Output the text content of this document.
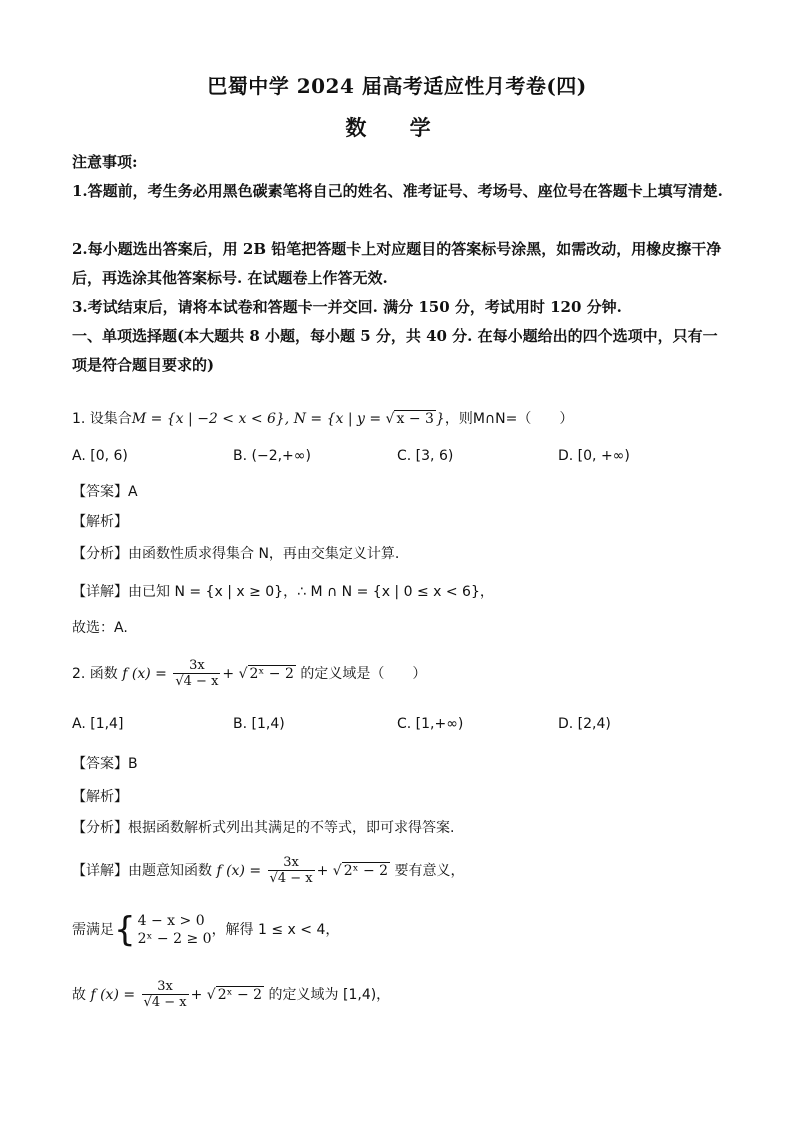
巴蜀中学 2024 届高考适应性月考卷(四)
数 学
注意事项:
1.答题前，考生务必用黑色碳素笔将自己的姓名、准考证号、考场号、座位号在答题卡上填写清楚.
2.每小题选出答案后，用 2B 铅笔把答题卡上对应题目的答案标号涂黑，如需改动，用橡皮擦干净后，再选涂其他答案标号. 在试题卷上作答无效.
3.考试结束后，请将本试卷和答题卡一并交回. 满分 150 分，考试用时 120 分钟.
一、单项选择题(本大题共 8 小题，每小题 5 分，共 40 分. 在每小题给出的四个选项中，只有一项是符合题目要求的)
1. 设集合M = {x | −2 < x < 6}, N = {x | y = √ x − 3 }，则M∩N=（　　）
A. [0, 6)	B. (−2,+∞)	C. [3, 6)	D. [0, +∞)
【答案】A
【解析】
【分析】由函数性质求得集合 N，再由交集定义计算.
【详解】由已知 N = {x | x ≥ 0}，∴ M ∩ N = {x | 0 ≤ x < 6}，
故选：A.
2. 函数 f $(x) = \frac{3x}{√4 - x}$ + √ 2ˣ − 2 的定义域是（　　）
A. [1,4]	B. [1,4)	C. [1,+∞)	D. [2,4)
【答案】B
【解析】
【分析】根据函数解析式列出其满足的不等式，即可求得答案.
【详解】由题意知函数 f $(x) = \frac{3x}{√4 - x}$ + √ 2ˣ − 2 要有意义，
需满足{ 4 − x > 0
2ˣ − 2 ≥ 0
，解得 1 ≤ x < 4，
故 f $(x) = \frac{3x}{√4 - x}$ + √ 2ˣ − 2 的定义域为 [1,4)，
